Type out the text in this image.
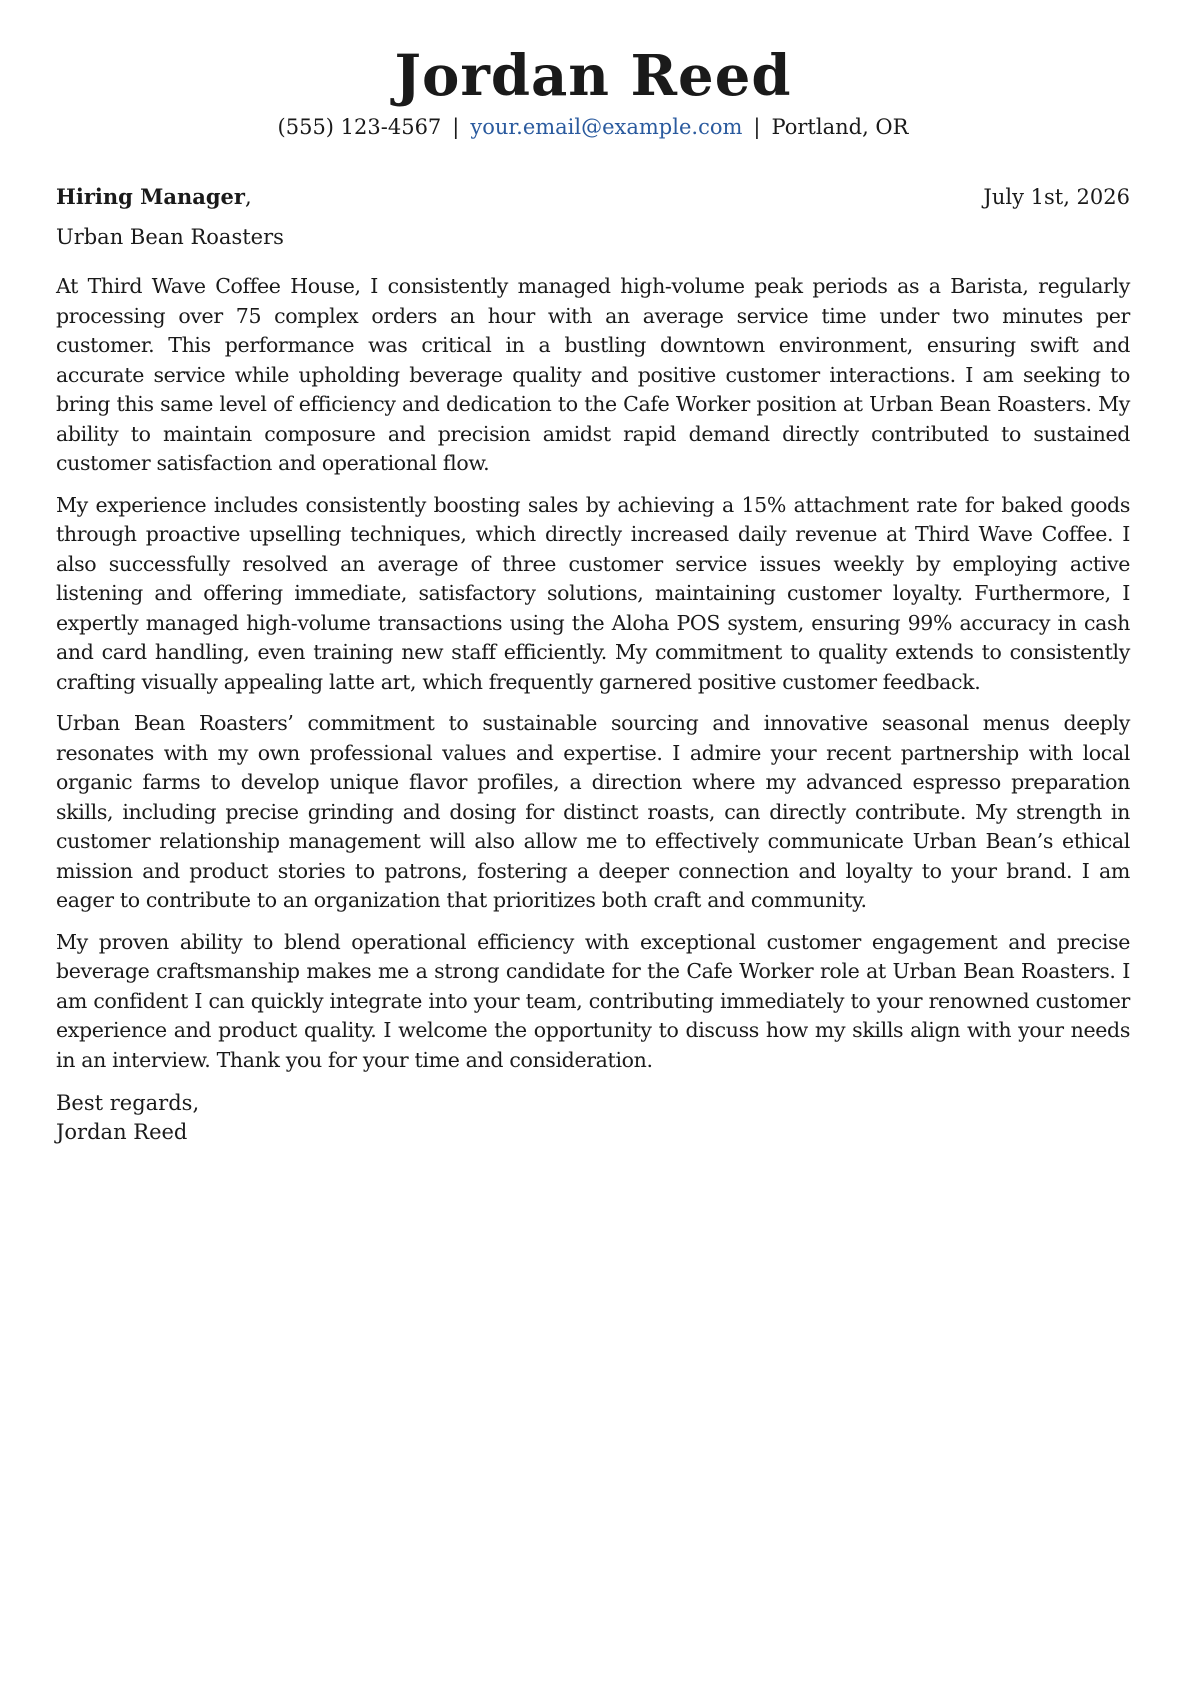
Jordan Reed
(555) 123-4567 | your.email@example.com | Portland, OR
Hiring Manager,	July 1st, 2026
Urban Bean Roasters

At Third Wave Coffee House, I consistently managed high-volume peak periods as a Barista, regularly processing over 75 complex orders an hour with an average service time under two minutes per customer. This performance was critical in a bustling downtown environment, ensuring swift and accurate service while upholding beverage quality and positive customer interactions. I am seeking to bring this same level of efficiency and dedication to the Cafe Worker position at Urban Bean Roasters. My ability to maintain composure and precision amidst rapid demand directly contributed to sustained customer satisfaction and operational flow.

My experience includes consistently boosting sales by achieving a 15% attachment rate for baked goods through proactive upselling techniques, which directly increased daily revenue at Third Wave Coffee. I also successfully resolved an average of three customer service issues weekly by employing active listening and offering immediate, satisfactory solutions, maintaining customer loyalty. Furthermore, I expertly managed high-volume transactions using the Aloha POS system, ensuring 99% accuracy in cash and card handling, even training new staff efficiently. My commitment to quality extends to consistently crafting visually appealing latte art, which frequently garnered positive customer feedback.

Urban Bean Roasters’ commitment to sustainable sourcing and innovative seasonal menus deeply resonates with my own professional values and expertise. I admire your recent partnership with local organic farms to develop unique flavor profiles, a direction where my advanced espresso preparation skills, including precise grinding and dosing for distinct roasts, can directly contribute. My strength in customer relationship management will also allow me to effectively communicate Urban Bean’s ethical mission and product stories to patrons, fostering a deeper connection and loyalty to your brand. I am eager to contribute to an organization that prioritizes both craft and community.

My proven ability to blend operational efficiency with exceptional customer engagement and precise beverage craftsmanship makes me a strong candidate for the Cafe Worker role at Urban Bean Roasters. I am confident I can quickly integrate into your team, contributing immediately to your renowned customer experience and product quality. I welcome the opportunity to discuss how my skills align with your needs in an interview. Thank you for your time and consideration.

Best regards,
Jordan Reed
